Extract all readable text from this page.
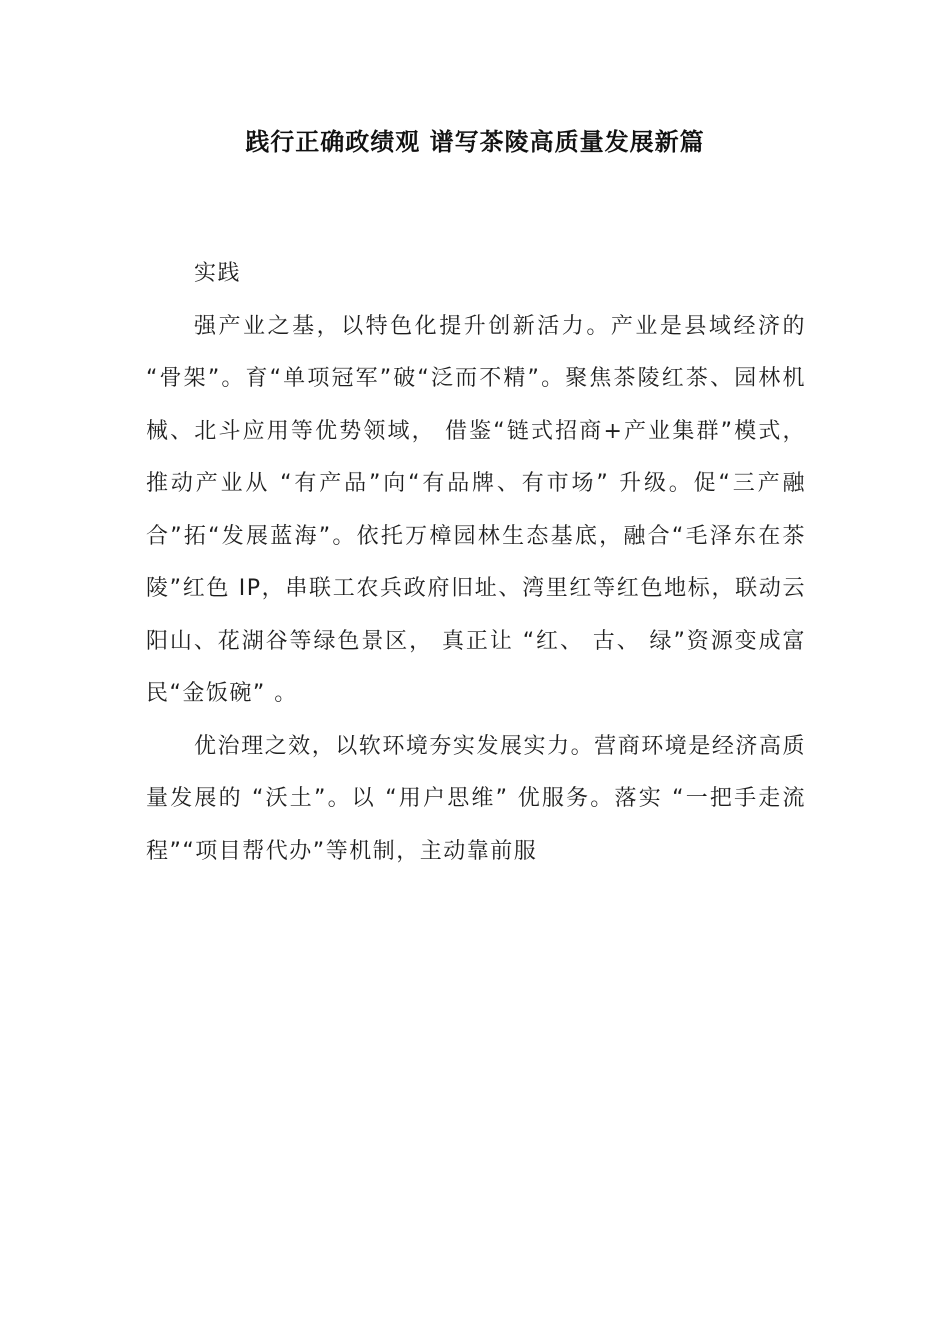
践行正确政绩观 谱写茶陵高质量发展新篇

实践

强产业之基，以特色化提升创新活力。产业是县域经济的 “骨架”。育“单项冠军”破“泛而不精”。聚焦茶陵红茶、园林机械、北斗应用等优势领域， 借鉴“链式招商+产业集群”模式，推动产业从 “有产品”向“有品牌、有市场” 升级。促“三产融合”拓“发展蓝海”。依托万樟园林生态基底，融合“毛泽东在茶陵”红色 IP，串联工农兵政府旧址、湾里红等红色地标，联动云阳山、花湖谷等绿色景区， 真正让 “红、 古、 绿”资源变成富民“金饭碗” 。

优治理之效，以软环境夯实发展实力。营商环境是经济高质量发展的 “沃土”。以 “用户思维” 优服务。落实 “一把手走流程”“项目帮代办”等机制，主动靠前服
